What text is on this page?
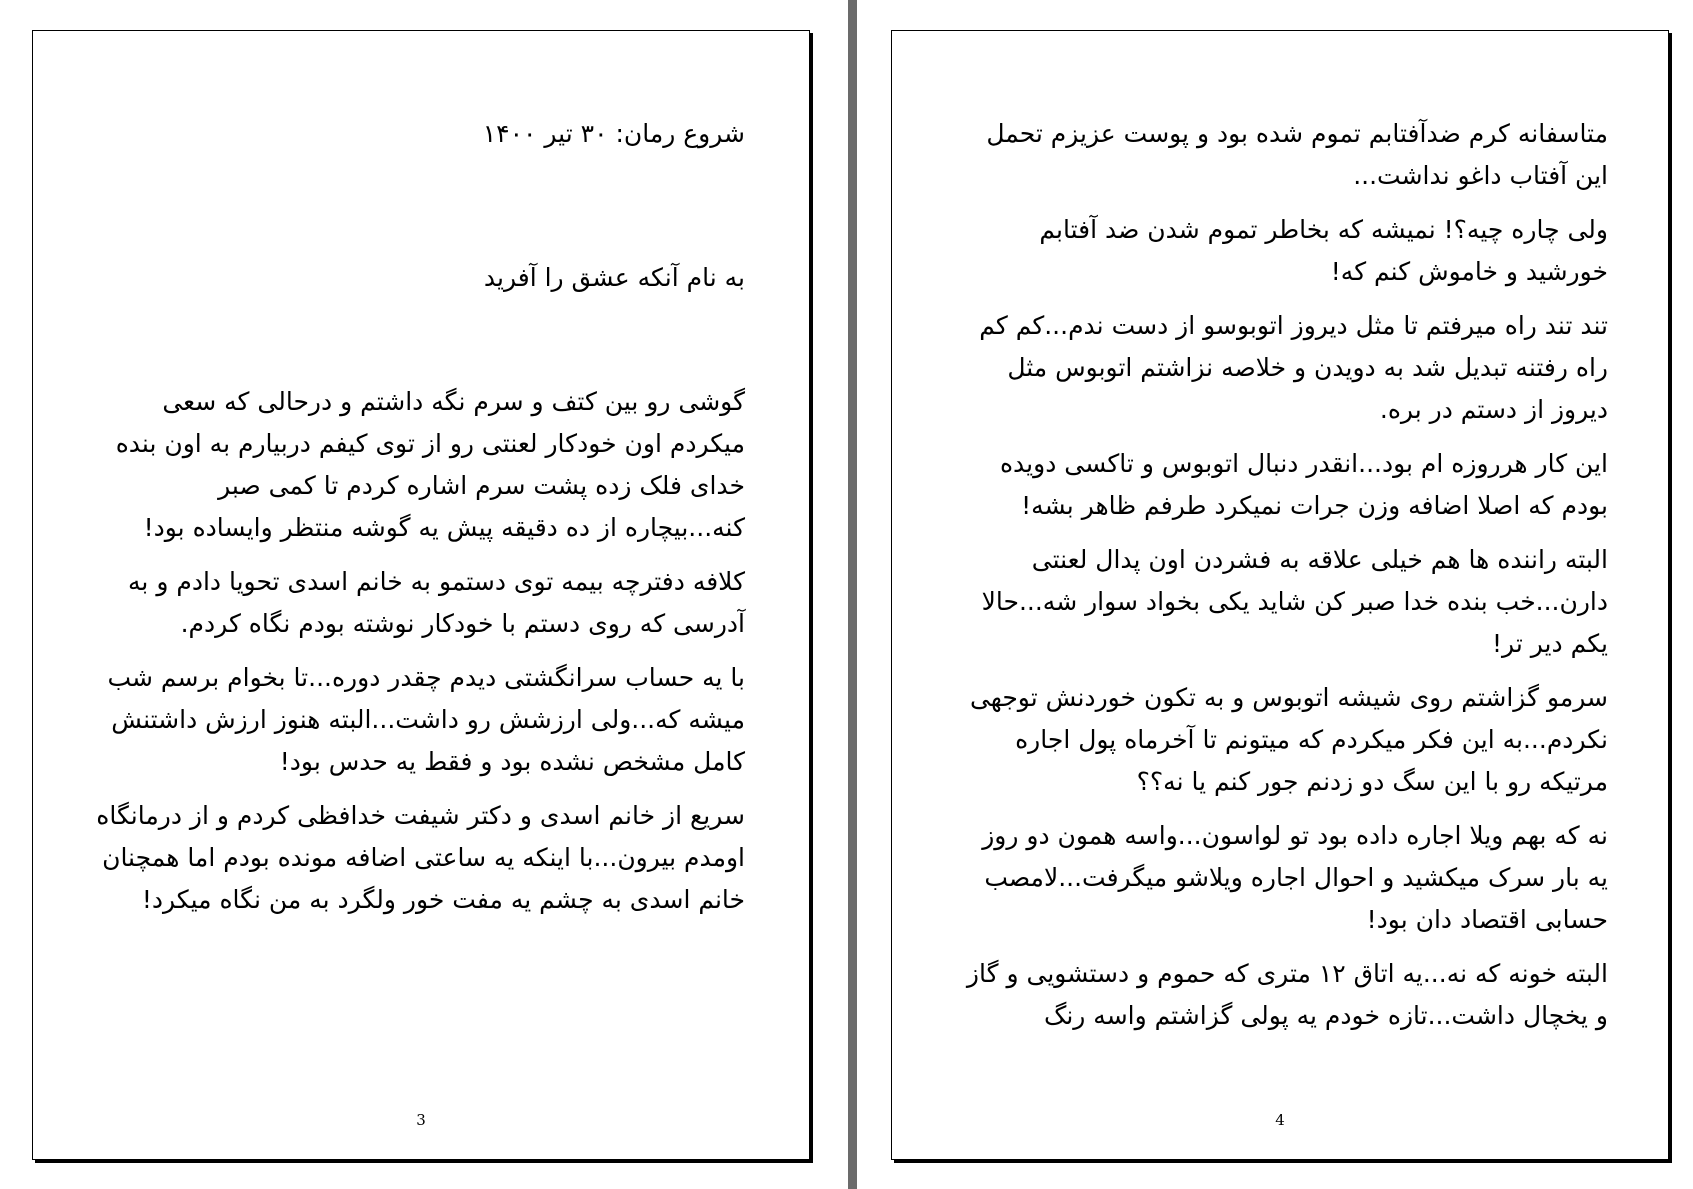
شروع رمان: ۳۰ تیر ۱۴۰۰

به نام آنکه عشق را آفرید

گوشی رو بین کتف و سرم نگه داشتم و درحالی که سعی میکردم اون خودکار لعنتی رو از توی کیفم دربیارم به اون بنده خدای فلک زده پشت سرم اشاره کردم تا کمی صبر کنه...بیچاره از ده دقیقه پیش یه گوشه منتظر وایساده بود!

کلافه دفترچه بیمه توی دستمو به خانم اسدی تحویا دادم و به آدرسی که روی دستم با خودکار نوشته بودم نگاه کردم.

با یه حساب سرانگشتی دیدم چقدر دوره...تا بخوام برسم شب میشه که...ولی ارزشش رو داشت...البته هنوز ارزش داشتنش کامل مشخص نشده بود و فقط یه حدس بود!

سریع از خانم اسدی و دکتر شیفت خدافظی کردم و از درمانگاه اومدم بیرون...با اینکه یه ساعتی اضافه مونده بودم اما همچنان خانم اسدی به چشم یه مفت خور ولگرد به من نگاه میکرد!

3

متاسفانه کرم ضدآفتابم تموم شده بود و پوست عزیزم تحمل این آفتاب داغو نداشت...

ولی چاره چیه؟! نمیشه که بخاطر تموم شدن ضد آفتابم خورشید و خاموش کنم که!

تند تند راه میرفتم تا مثل دیروز اتوبوسو از دست ندم...کم کم راه رفتنه تبدیل شد به دویدن و خلاصه نزاشتم اتوبوس مثل دیروز از دستم در بره.

این کار هرروزه ام بود...انقدر دنبال اتوبوس و تاکسی دویده بودم که اصلا اضافه وزن جرات نمیکرد طرفم ظاهر بشه!

البته راننده ها هم خیلی علاقه به فشردن اون پدال لعنتی دارن...خب بنده خدا صبر کن شاید یکی بخواد سوار شه...حالا یکم دیر تر!

سرمو گزاشتم روی شیشه اتوبوس و به تکون خوردنش توجهی نکردم...به این فکر میکردم که میتونم تا آخرماه پول اجاره مرتیکه رو با این سگ دو زدنم جور کنم یا نه؟؟

نه که بهم ویلا اجاره داده بود تو لواسون...واسه همون دو روز یه بار سرک میکشید و احوال اجاره ویلاشو میگرفت...لامصب حسابی اقتصاد دان بود!

البته خونه که نه...یه اتاق ۱۲ متری که حموم و دستشویی و گاز و یخچال داشت...تازه خودم یه پولی گزاشتم واسه رنگ

4
